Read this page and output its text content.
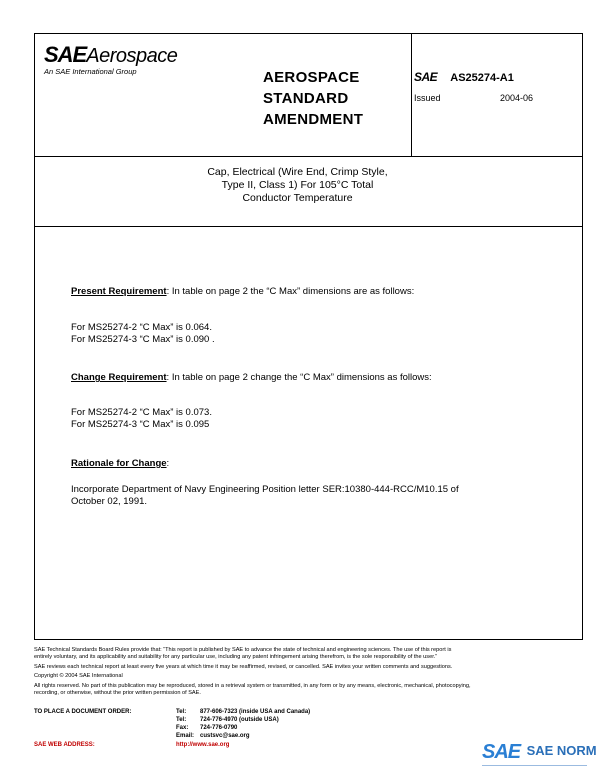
SAEAerospace
An SAE International Group	AEROSPACE
STANDARD
AMENDMENT
SAE AS25274-A1
Issued	2004-06
Cap, Electrical (Wire End, Crimp Style,
Type II, Class 1) For 105°C Total
Conductor Temperature
Present Requirement: In table on page 2 the “C Max” dimensions are as follows:
For MS25274-2 “C Max” is 0.064.
For MS25274-3 “C Max” is 0.090 .
Change Requirement: In table on page 2 change the “C Max” dimensions as follows:
For MS25274-2 “C Max” is 0.073.
For MS25274-3 “C Max” is 0.095
Rationale for Change:
Incorporate Department of Navy Engineering Position letter SER:10380-444-RCC/M10.15 of
October 02, 1991.
SAE Technical Standards Board Rules provide that: “This report is published by SAE to advance the state of technical and engineering sciences. The use of this report is
entirely voluntary, and its applicability and suitability for any particular use, including any patent infringement arising therefrom, is the sole responsibility of the user.”
SAE reviews each technical report at least every five years at which time it may be reaffirmed, revised, or cancelled. SAE invites your written comments and suggestions.
Copyright © 2004 SAE International
All rights reserved. No part of this publication may be reproduced, stored in a retrieval system or transmitted, in any form or by any means, electronic, mechanical, photocopying,
recording, or otherwise, without the prior written permission of SAE.
TO PLACE A DOCUMENT ORDER:	Tel: 877-606-7323 (inside USA and Canada)
Tel: 724-776-4970 (outside USA)
Fax: 724-776-0790
Email: custsvc@sae.org
SAE WEB ADDRESS:	http://www.sae.org	SAE SAE NORM
